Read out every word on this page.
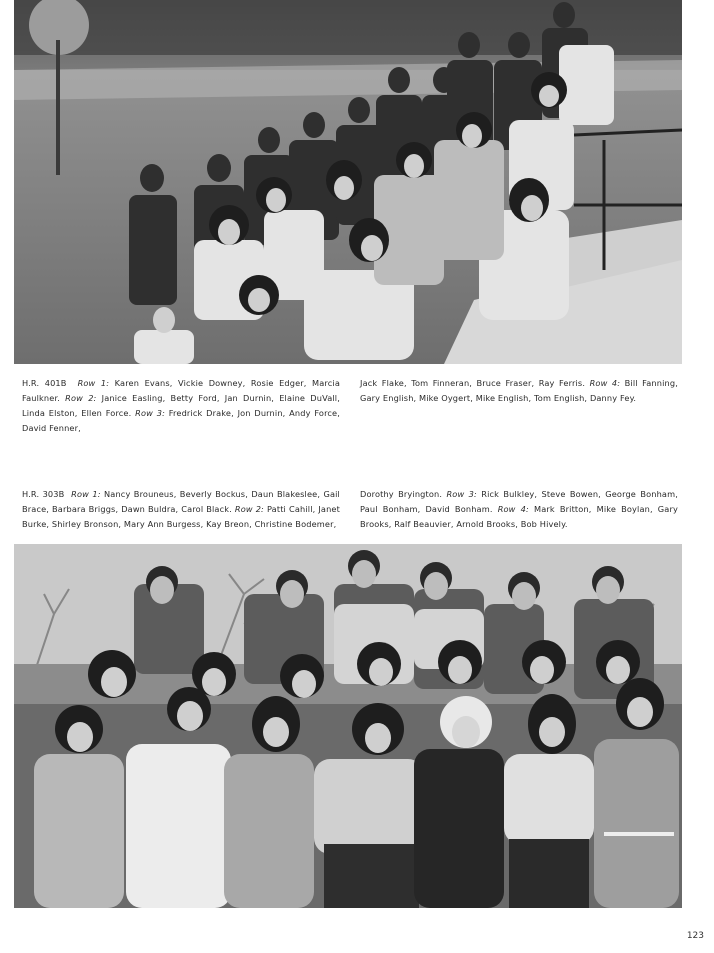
H.R. 401B Row 1: Karen Evans, Vickie Downey, Rosie Edger, Marcia Faulkner. Row 2: Janice Easling, Betty Ford, Jan Durnin, Elaine DuVall, Linda Elston, Ellen Force. Row 3: Fredrick Drake, Jon Durnin, Andy Force, David Fenner,
Jack Flake, Tom Finneran, Bruce Fraser, Ray Ferris. Row 4: Bill Fanning, Gary English, Mike Oygert, Mike English, Tom English, Danny Fey.
H.R. 303B Row 1: Nancy Brouneus, Beverly Bockus, Daun Blakeslee, Gail Brace, Barbara Briggs, Dawn Buldra, Carol Black. Row 2: Patti Cahill, Janet Burke, Shirley Bronson, Mary Ann Burgess, Kay Breon, Christine Bodemer,
Dorothy Bryington. Row 3: Rick Bulkley, Steve Bowen, George Bonham, Paul Bonham, David Bonham. Row 4: Mark Britton, Mike Boylan, Gary Brooks, Ralf Beauvier, Arnold Brooks, Bob Hively.
123
